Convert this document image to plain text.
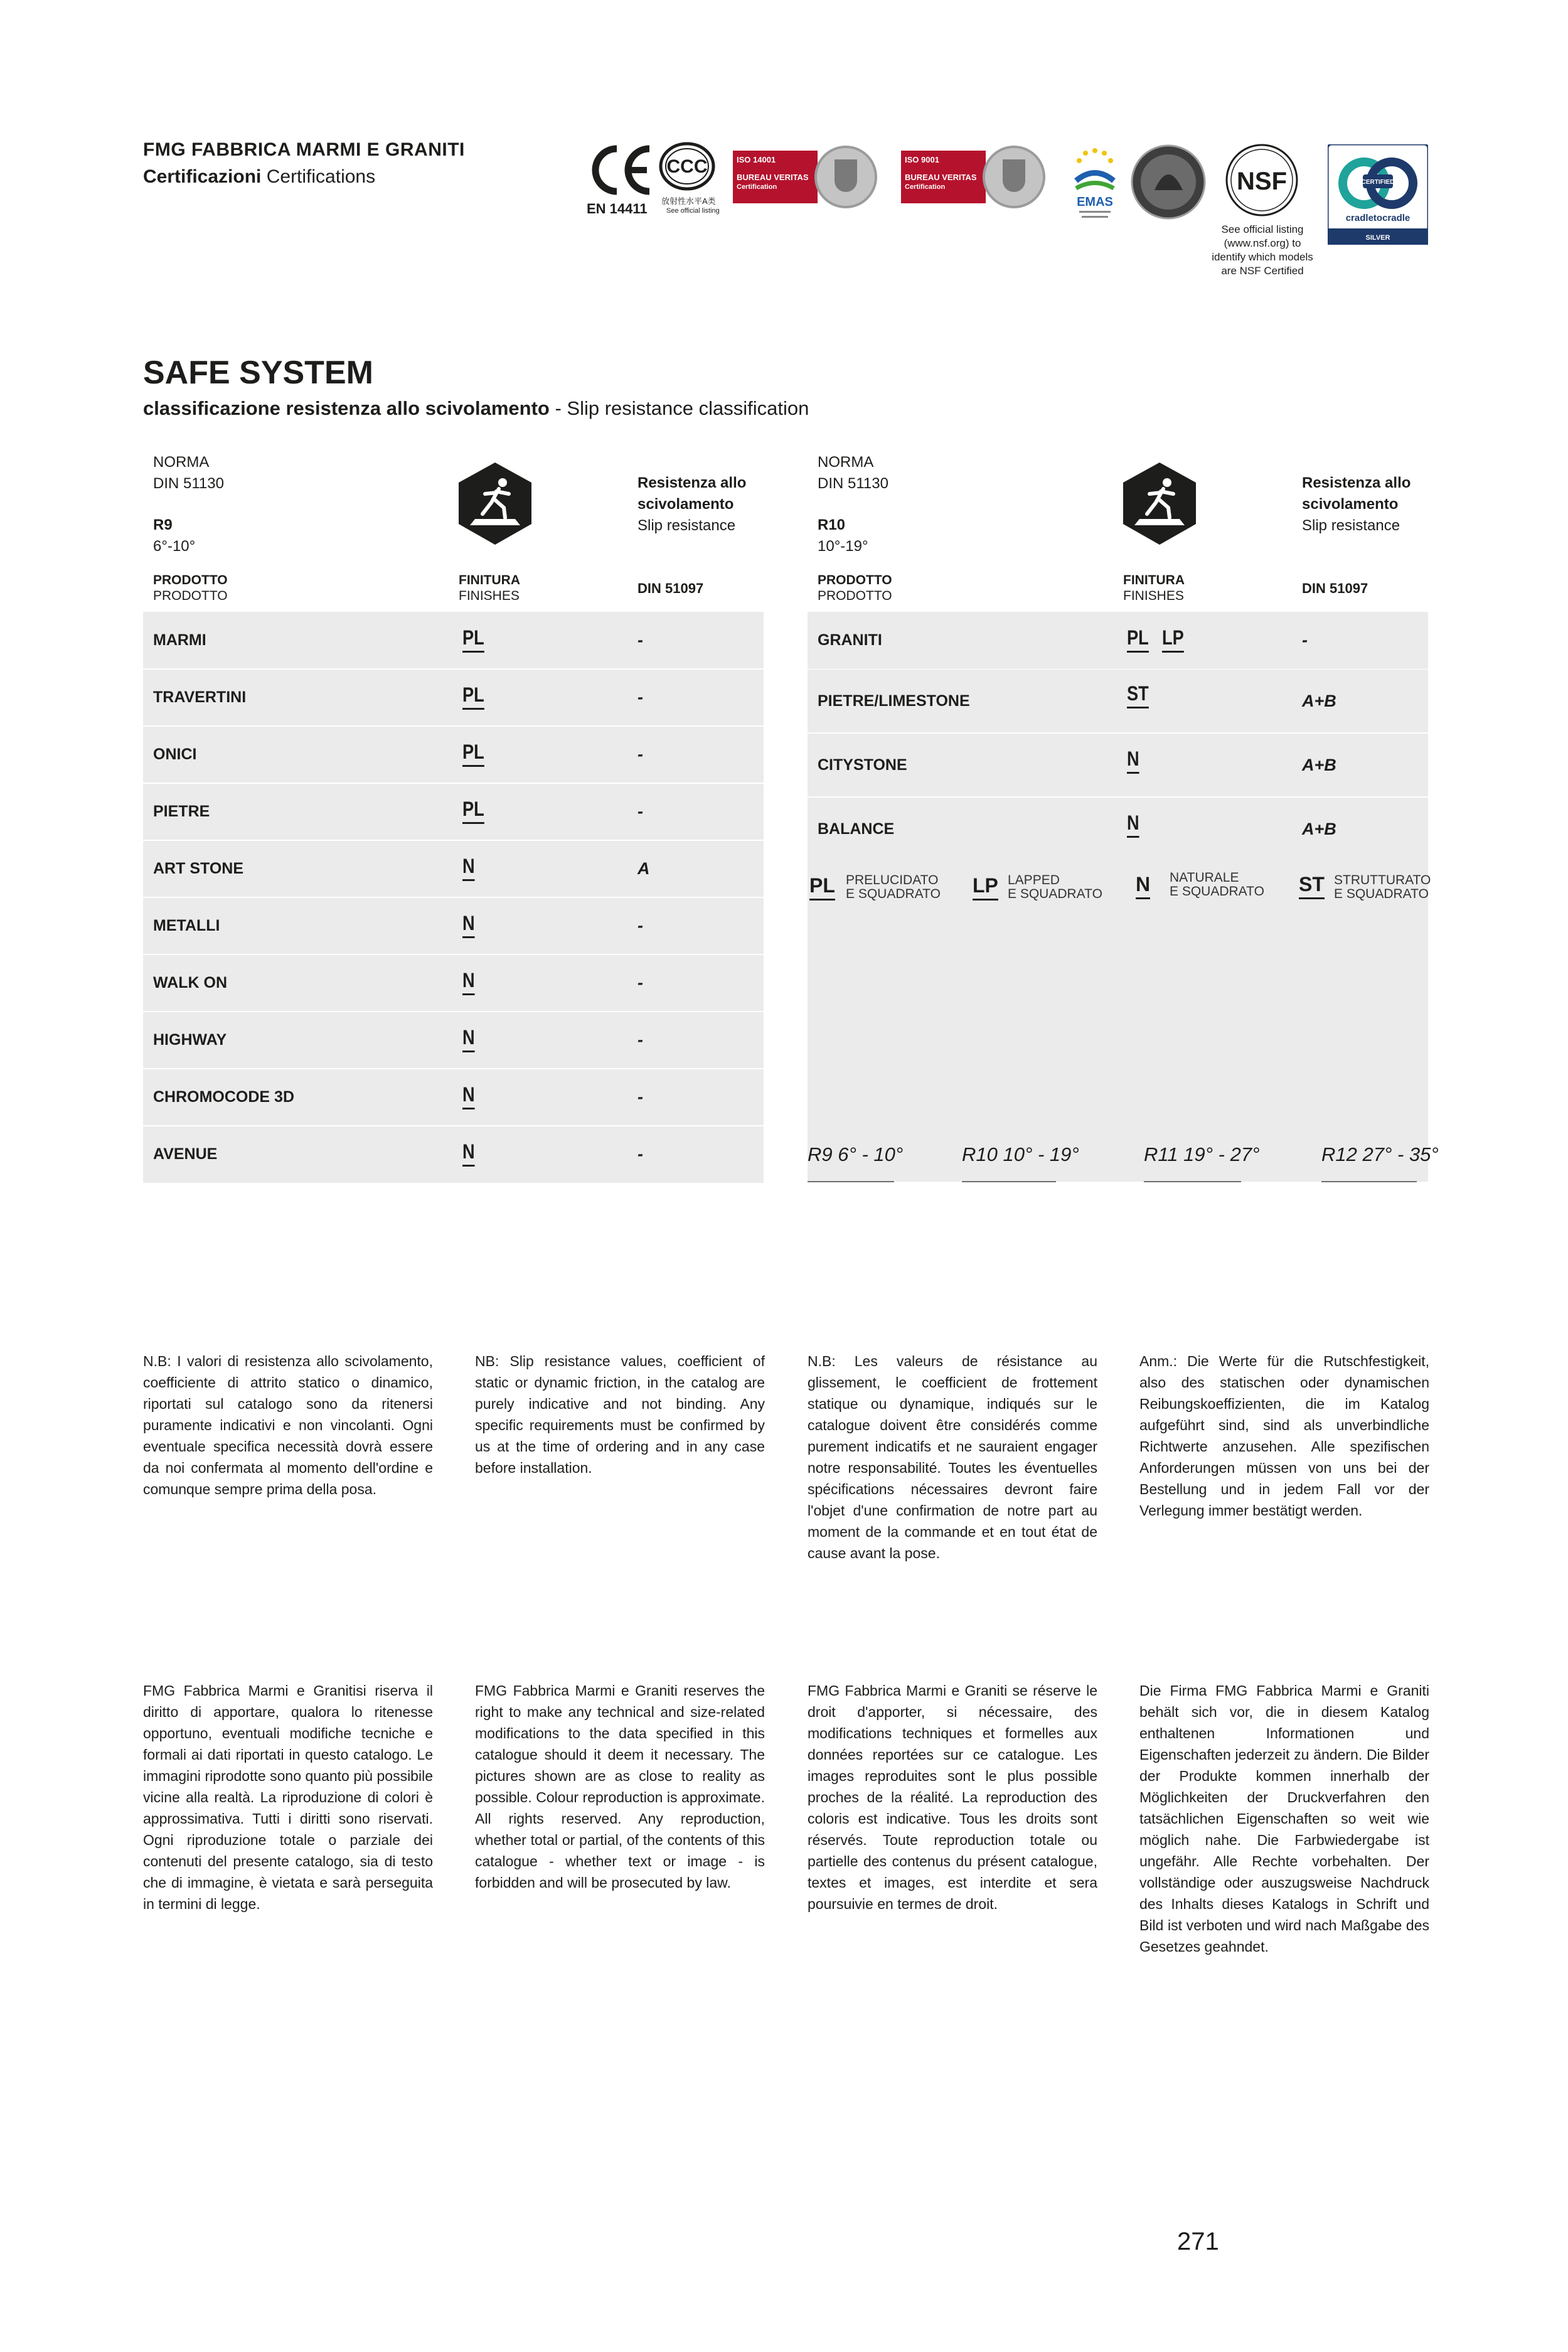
FMG FABBRICA MARMI E GRANITI
Certificazioni Certifications
EN 14411
CCC
放射性水平A类
See official listing
ISO 14001
BUREAU VERITAS
Certification
ISO 9001
BUREAU VERITAS
Certification
EMAS
NSF
See official listing (www.nsf.org) to identify which models are NSF Certified
CERTIFIED
cradletocradle
SILVER
SAFE SYSTEM
classificazione resistenza allo scivolamento - Slip resistance classification
NORMA
DIN 51130
R9
6°-10°
Resistenza allo scivolamento
Slip resistance
PRODOTTO
PRODOTTO
FINITURA
FINISHES	DIN 51097
MARMI	PL	-
TRAVERTINI	PL	-
ONICI	PL	-
PIETRE	PL	-
ART STONE	N	A
METALLI	N	-
WALK ON	N	-
HIGHWAY	N	-
CHROMOCODE 3D	N	-
AVENUE	N	-
NORMA
DIN 51130
R10
10°-19°
Resistenza allo scivolamento
Slip resistance
PRODOTTO
PRODOTTO
FINITURA
FINISHES	DIN 51097
GRANITI	PL LP	-
PIETRE/LIMESTONE	ST	A+B
CITYSTONE	N	A+B
BALANCE	N	A+B
PL PRELUCIDATO
E SQUADRATO LP LAPPED
E SQUADRATO N NATURALE
E SQUADRATO ST STRUTTURATO
E SQUADRATO
R9 6° - 10°	R10 10° - 19°	R11 19° - 27°	R12 27° - 35°
N.B: I valori di resistenza allo scivolamento, coefficiente di attrito statico o dinamico, riportati sul catalogo sono da ritenersi puramente indicativi e non vincolanti. Ogni eventuale specifica necessità dovrà essere da noi confermata al momento dell'ordine e comunque sempre prima della posa.
NB: Slip resistance values, coefficient of static or dynamic friction, in the catalog are purely indicative and not binding. Any specific requirements must be confirmed by us at the time of ordering and in any case before installation.
N.B: Les valeurs de résistance au glissement, le coefficient de frottement statique ou dynamique, indiqués sur le catalogue doivent être considérés comme purement indicatifs et ne sauraient engager notre responsabilité. Toutes les éventuelles spécifications nécessaires devront faire l'objet d'une confirmation de notre part au moment de la commande et en tout état de cause avant la pose.
Anm.: Die Werte für die Rutschfestigkeit, also des statischen oder dynamischen Reibungskoeffizienten, die im Katalog aufgeführt sind, sind als unverbindliche Richtwerte anzusehen. Alle spezifischen Anforderungen müssen von uns bei der Bestellung und in jedem Fall vor der Verlegung immer bestätigt werden.
FMG Fabbrica Marmi e Granitisi riserva il diritto di apportare, qualora lo ritenesse opportuno, eventuali modifiche tecniche e formali ai dati riportati in questo catalogo. Le immagini riprodotte sono quanto più possibile vicine alla realtà. La riproduzione di colori è approssimativa. Tutti i diritti sono riservati. Ogni riproduzione totale o parziale dei contenuti del presente catalogo, sia di testo che di immagine, è vietata e sarà perseguita in termini di legge.
FMG Fabbrica Marmi e Graniti reserves the right to make any technical and size-related modifications to the data specified in this catalogue should it deem it necessary. The pictures shown are as close to reality as possible. Colour reproduction is approximate. All rights reserved. Any reproduction, whether total or partial, of the contents of this catalogue - whether text or image - is forbidden and will be prosecuted by law.
FMG Fabbrica Marmi e Graniti se réserve le droit d'apporter, si nécessaire, des modifications techniques et formelles aux données reportées sur ce catalogue. Les images reproduites sont le plus possible proches de la réalité. La reproduction des coloris est indicative. Tous les droits sont réservés. Toute reproduction totale ou partielle des contenus du présent catalogue, textes et images, est interdite et sera poursuivie en termes de droit.
Die Firma FMG Fabbrica Marmi e Graniti behält sich vor, die in diesem Katalog enthaltenen Informationen und Eigenschaften jederzeit zu ändern. Die Bilder der Produkte kommen innerhalb der Möglichkeiten der Druckverfahren den tatsächlichen Eigenschaften so weit wie möglich nahe. Die Farbwiedergabe ist ungefähr. Alle Rechte vorbehalten. Der vollständige oder auszugsweise Nachdruck des Inhalts dieses Katalogs in Schrift und Bild ist verboten und wird nach Maßgabe des Gesetzes geahndet.
271
